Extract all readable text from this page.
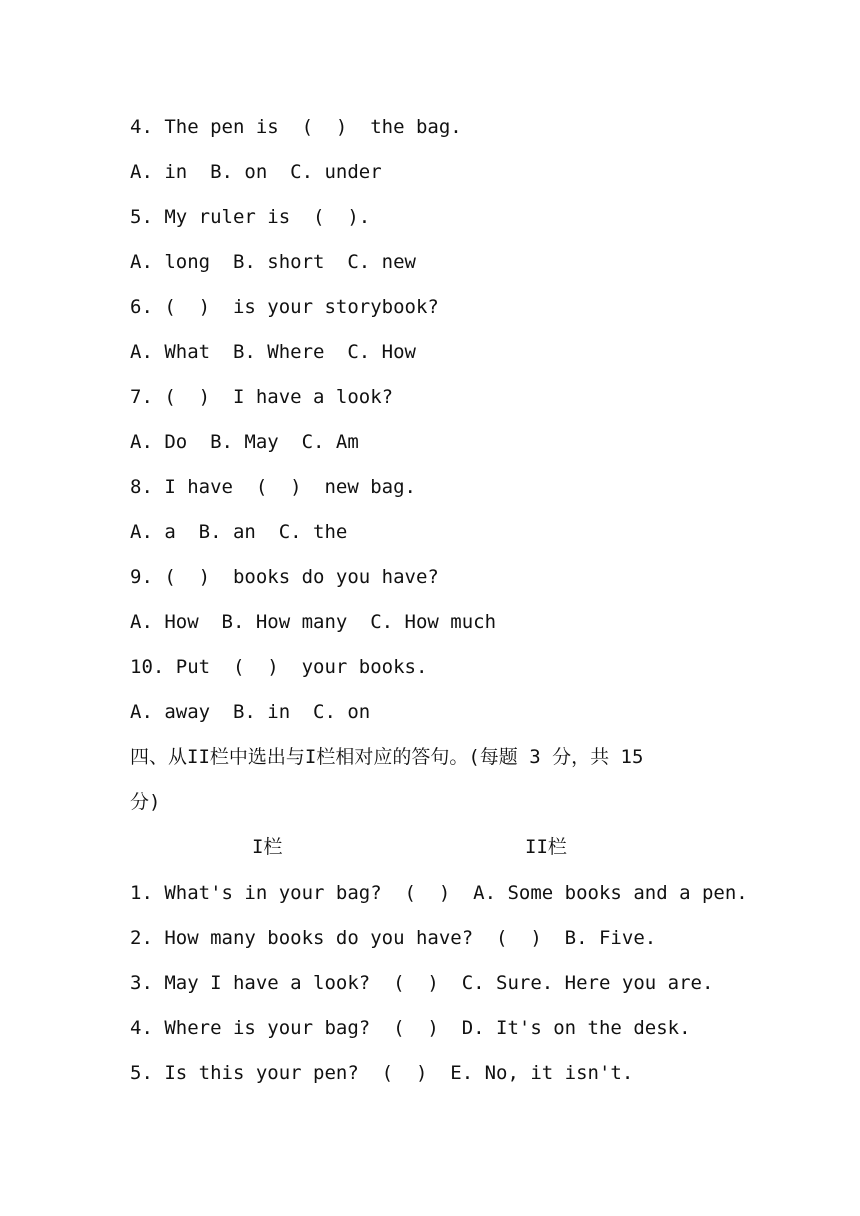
4. The pen is  (  )  the bag.
A. in  B. on  C. under
5. My ruler is  (  ).
A. long  B. short  C. new
6. (  )  is your storybook?
A. What  B. Where  C. How
7. (  )  I have a look?
A. Do  B. May  C. Am
8. I have  (  )  new bag.
A. a  B. an  C. the
9. (  )  books do you have?
A. How  B. How many  C. How much
10. Put  (  )  your books.
A. away  B. in  C. on
四、从II栏中选出与I栏相对应的答句。(每题 3 分，共 15
分)
I栏	II栏
1. What's in your bag?  (  )  A. Some books and a pen.
2. How many books do you have?  (  )  B. Five.
3. May I have a look?  (  )  C. Sure. Here you are.
4. Where is your bag?  (  )  D. It's on the desk.
5. Is this your pen?  (  )  E. No, it isn't.
